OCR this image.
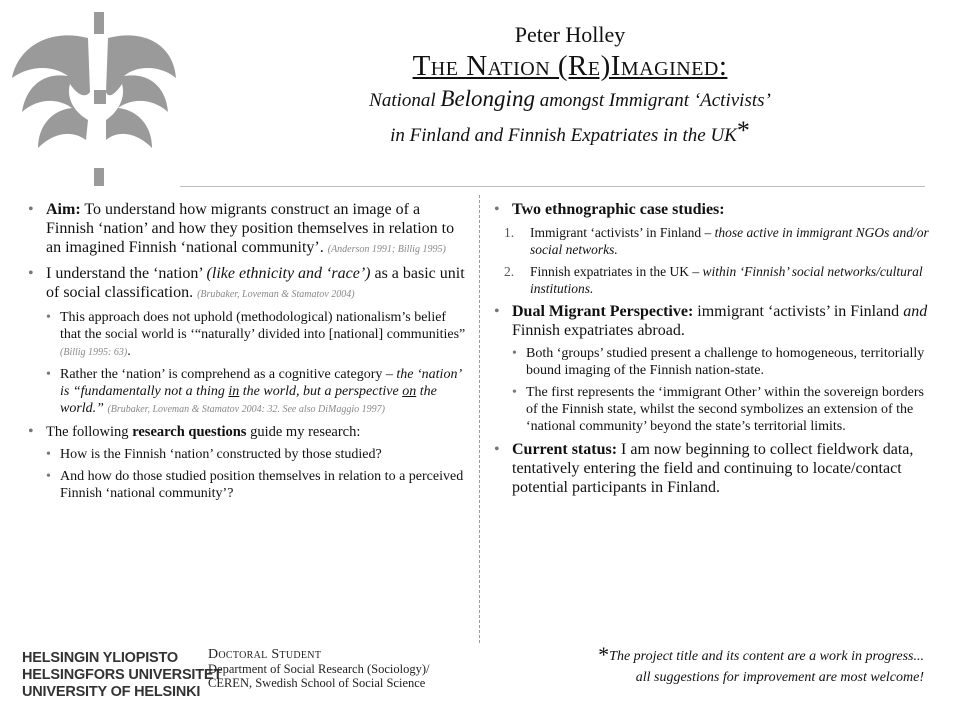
Peter Holley
The Nation (Re)Imagined:
National Belonging amongst Immigrant ‘Activists’
in Finland and Finnish Expatriates in the UK*
• Aim: To understand how migrants construct an image of a Finnish ‘nation’ and how they position themselves in relation to an imagined Finnish ‘national community’. (Anderson 1991; Billig 1995)
• I understand the ‘nation’ (like ethnicity and ‘race’) as a basic unit of social classification. (Brubaker, Loveman & Stamatov 2004)
• This approach does not uphold (methodological) nationalism’s belief that the social world is ‘“naturally’ divided into [national] communities” (Billig 1995: 63).
• Rather the ‘nation’ is comprehend as a cognitive category – the ‘nation’ is “fundamentally not a thing in the world, but a perspective on the world.” (Brubaker, Loveman & Stamatov 2004: 32. See also DiMaggio 1997)
• The following research questions guide my research:
• How is the Finnish ‘nation’ constructed by those studied?
• And how do those studied position themselves in relation to a perceived Finnish ‘national community’?
• Two ethnographic case studies:
1. Immigrant ‘activists’ in Finland – those active in immigrant NGOs and/or social networks.
2. Finnish expatriates in the UK – within ‘Finnish’ social networks/cultural institutions.
• Dual Migrant Perspective: immigrant ‘activists’ in Finland and Finnish expatriates abroad.
• Both ‘groups’ studied present a challenge to homogeneous, territorially bound imaging of the Finnish nation-state.
• The first represents the ‘immigrant Other’ within the sovereign borders of the Finnish state, whilst the second symbolizes an extension of the ‘national community’ beyond the state’s territorial limits.
• Current status: I am now beginning to collect fieldwork data, tentatively entering the field and continuing to locate/contact potential participants in Finland.
HELSINGIN YLIOPISTO
HELSINGFORS UNIVERSITET
UNIVERSITY OF HELSINKI
Doctoral Student
Department of Social Research (Sociology)/
CEREN, Swedish School of Social Science
*The project title and its content are a work in progress...
all suggestions for improvement are most welcome!
